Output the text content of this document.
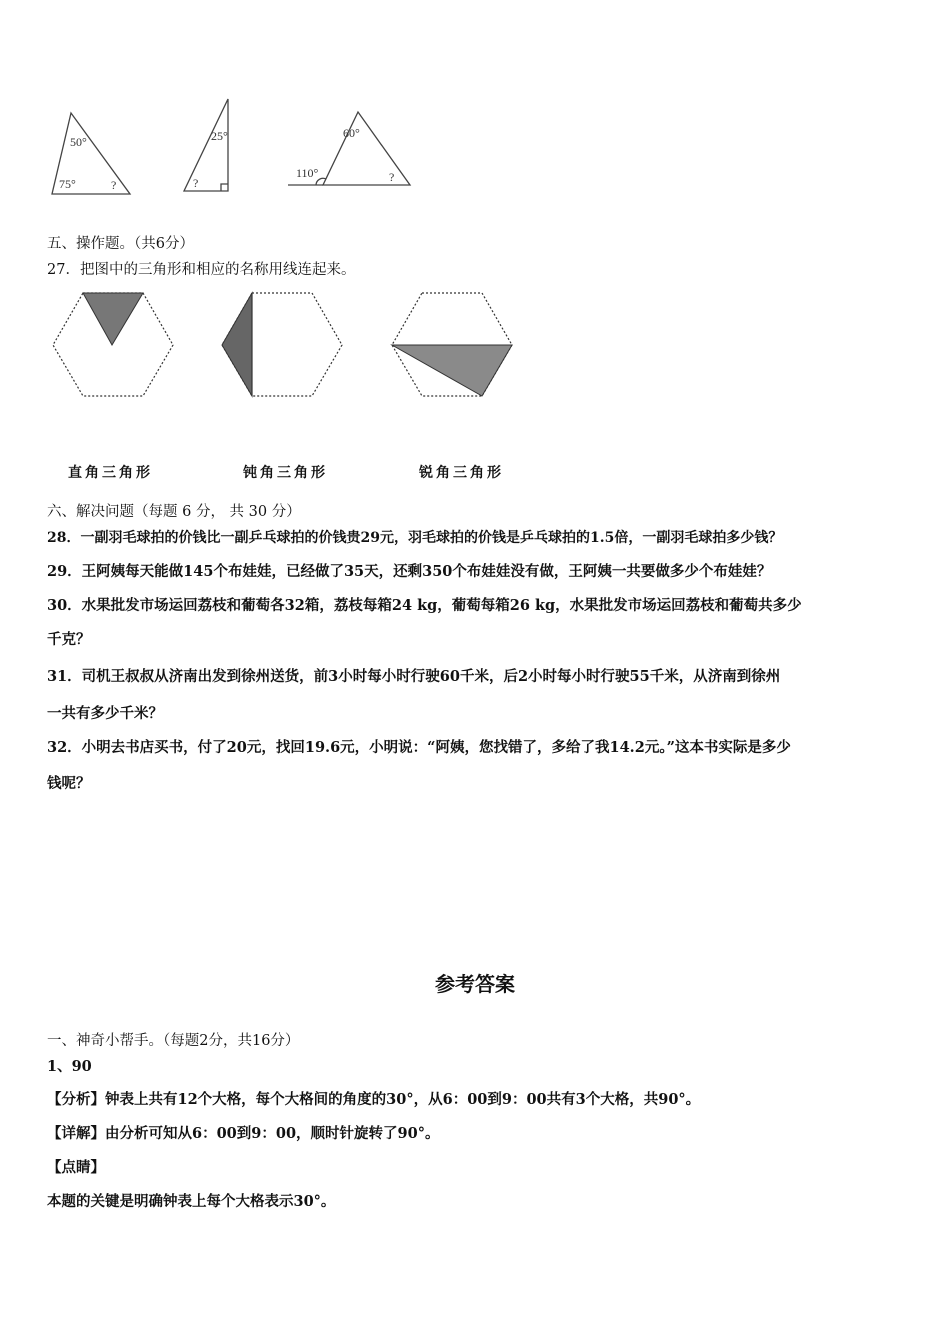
50°
75°	?
25°
?
60°
110°	?
五、操作题。（共6分）
27．把图中的三角形和相应的名称用线连起来。
直角三角形	钝角三角形	锐角三角形
六、解决问题（每题 6 分， 共 30 分）
28．一副羽毛球拍的价钱比一副乒乓球拍的价钱贵29元，羽毛球拍的价钱是乒乓球拍的1.5倍，一副羽毛球拍多少钱？
29．王阿姨每天能做145个布娃娃，已经做了35天，还剩350个布娃娃没有做，王阿姨一共要做多少个布娃娃？
30．水果批发市场运回荔枝和葡萄各32箱，荔枝每箱24 kg，葡萄每箱26 kg，水果批发市场运回荔枝和葡萄共多少
千克？
31．司机王叔叔从济南出发到徐州送货，前3小时每小时行驶60千米，后2小时每小时行驶55千米，从济南到徐州
一共有多少千米？
32．小明去书店买书，付了20元，找回19.6元，小明说：“阿姨，您找错了，多给了我14.2元。”这本书实际是多少
钱呢？
参考答案
一、神奇小帮手。（每题2分，共16分）
1、90
【分析】钟表上共有12个大格，每个大格间的角度的30°，从6：00到9：00共有3个大格，共90°。
【详解】由分析可知从6：00到9：00，顺时针旋转了90°。
【点睛】
本题的关键是明确钟表上每个大格表示30°。
